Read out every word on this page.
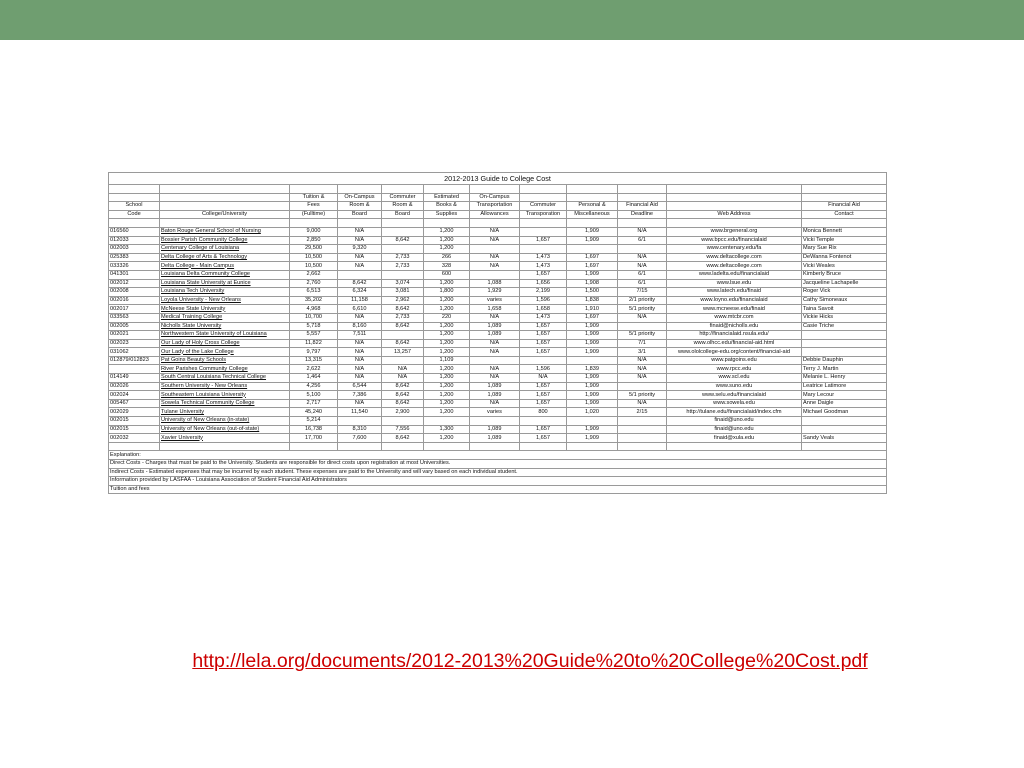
2012-2013 Guide to College Cost											

		Tuition &	On-Campus	Commuter	Estimated	On-Campus					
School		Fees	Room &	Room &	Books &	Transportation	Commuter	Personal &	Financial Aid		Financial Aid
Code	College/University	(Fulltime)	Board	Board	Supplies	Allowances	Transporation	Miscellaneous	Deadline	Web Address	Contact

016560	Baton Rouge General School of Nursing	9,000	N/A		1,200	N/A		1,909	N/A	www.brgeneral.org	Monica Bennett
012033	Bossier Parish Community College	2,850	N/A	8,642	1,200	N/A	1,657	1,909	6/1	www.bpcc.edu/financialaid	Vicki Temple
002003	Centenary College of Louisiana	29,500	9,320		1,200					www.centenary.edu/fa	Mary Sue Rix
025383	Delta College of Arts & Technology	10,500	N/A	2,733	266	N/A	1,473	1,697	N/A	www.deltacollege.com	DeWanna Fontenot
033326	Delta College - Main Campus	10,500	N/A	2,733	328	N/A	1,473	1,697	N/A	www.deltacollege.com	Vicki Weales
041301	Louisiana Delta Community College	2,662			600		1,657	1,909	6/1	www.ladelta.edu/financialaid	Kimberly Bruce
002012	Louisiana State University at Eunice	2,760	8,642	3,074	1,200	1,088	1,656	1,908	6/1	www.lsue.edu	Jacqueline Lachapelle
002008	Louisiana Tech University	6,513	6,324	3,081	1,800	1,929	2,199	1,500	7/15	www.latech.edu/finaid	Roger Vick
002016	Loyola University - New Orleans	35,202	11,158	2,962	1,200	varies	1,596	1,838	2/1 priority	www.loyno.edu/financialaid	Cathy Simoneaux
002017	McNeese State University	4,968	6,610	8,642	1,200	1,658	1,658	1,910	5/1 priority	www.mcneese.edu/finaid	Taina Savoit
033563	Medical Training College	10,700	N/A	2,733	220	N/A	1,473	1,697	N/A	www.mtcbr.com	Vickie Hicks
002005	Nicholls State University	5,718	8,160	8,642	1,200	1,089	1,657	1,909		finaid@nicholls.edu	Casie Triche
002021	Northwestern State University of Louisiana	5,557	7,511		1,200	1,089	1,657	1,909	5/1 priority	http://financialaid.nsula.edu/	
002023	Our Lady of Holy Cross College	11,822	N/A	8,642	1,200	N/A	1,657	1,909	7/1	www.olhcc.edu/financial-aid.html	
031062	Our Lady of the Lake College	9,797	N/A	13,257	1,200	N/A	1,657	1,909	3/1	www.ololcollege-edu.org/content/financial-aid	
012879/012823	Pat Goins Beauty Schools	13,315	N/A		1,109				N/A	www.patgoins.edu	Debbie Dauphin
	River Parishes Community College	2,622	N/A	N/A	1,200	N/A	1,596	1,839	N/A	www.rpcc.edu	Terry J. Martin
014149	South Central Louisiana Technical College	1,464	N/A	N/A	1,200	N/A	N/A	1,909	N/A	www.scl.edu	Melanie L. Henry
002026	Southern University - New Orleans	4,256	6,544	8,642	1,200	1,089	1,657	1,909		www.suno.edu	Leatrice Latimore
002024	Southeastern Louisiana University	5,100	7,386	8,642	1,200	1,089	1,657	1,909	5/1 priority	www.selu.edu/financialaid	Mary Lecour
005467	Sowela Technical Community College	2,717	N/A	8,642	1,200	N/A	1,657	1,909	N/A	www.sowela.edu	Anne Daigle
002029	Tulane University	45,240	11,540	2,900	1,200	varies	800	1,020	2/15	http://tulane.edu/financialaid/index.cfm	Michael Goodman
002015	University of New Orleans (in-state)	5,214								finaid@uno.edu	
002015	University of New Orleans (out-of-state)	16,738	8,310	7,556	1,300	1,089	1,657	1,909		finaid@uno.edu	
002032	Xavier University	17,700	7,600	8,642	1,200	1,089	1,657	1,909		finaid@xula.edu	Sandy Veals

Explanation:											
Direct Costs - Charges that must be paid to the University. Students are responsible for direct costs upon registration at most Universities.											
Indirect Costs - Estimated expenses that may be incurred by each student. These expenses are paid to the University and will vary based on each individual student.											
Information provided by LASFAA - Louisiana Association of Student Financial Aid Administrators											
Tuition and fees											
http://lela.org/documents/2012-2013%20Guide%20to%20College%20Cost.pdf
